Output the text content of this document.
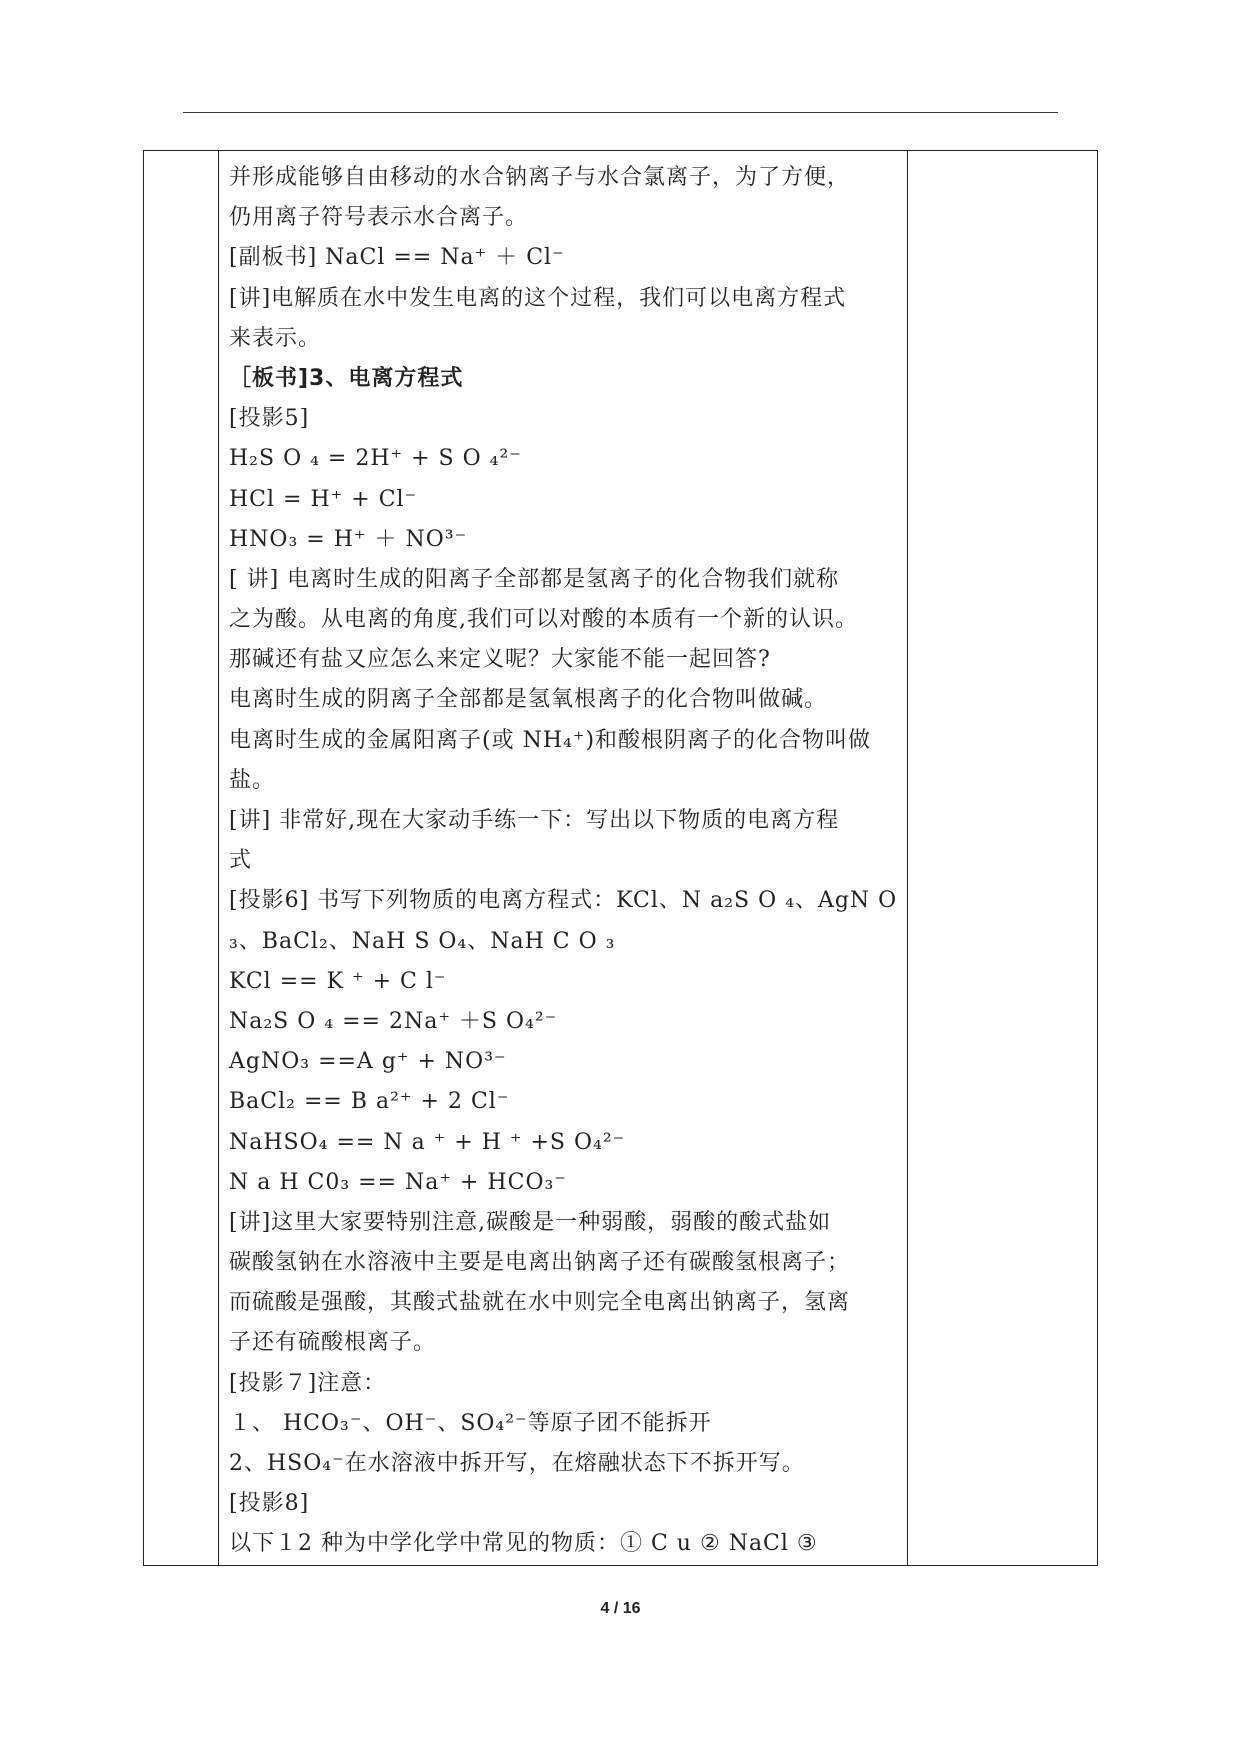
并形成能够自由移动的水合钠离子与水合氯离子，为了方便，
仍用离子符号表示水合离子。
[副板书] NaCl == Na⁺ ＋ Cl⁻
[讲]电解质在水中发生电离的这个过程，我们可以电离方程式
来表示。
［板书]3、电离方程式
[投影5]
H₂S O ₄ = 2H⁺ + S O ₄²⁻
HCl = H⁺ + Cl⁻
HNO₃ = H⁺ ＋ NO³⁻
[ 讲] 电离时生成的阳离子全部都是氢离子的化合物我们就称
之为酸。从电离的角度,我们可以对酸的本质有一个新的认识。
那碱还有盐又应怎么来定义呢？大家能不能一起回答?
电离时生成的阴离子全部都是氢氧根离子的化合物叫做碱。
电离时生成的金属阳离子(或 NH₄⁺)和酸根阴离子的化合物叫做
盐。
[讲] 非常好,现在大家动手练一下：写出以下物质的电离方程
式
[投影6] 书写下列物质的电离方程式：KCl、N a₂S O ₄、AgN O
₃、BaCl₂、NaH S O₄、NaH C O ₃
KCl == K ⁺ + C l⁻
Na₂S O ₄ == 2Na⁺ ＋S O₄²⁻
AgNO₃ ==A g⁺ + NO³⁻
BaCl₂ == B a²⁺ + 2 Cl⁻
NaHSO₄ == N a ⁺ + H ⁺ +S O₄²⁻
N a H C0₃ == Na⁺ + HCO₃⁻
[讲]这里大家要特别注意,碳酸是一种弱酸，弱酸的酸式盐如
碳酸氢钠在水溶液中主要是电离出钠离子还有碳酸氢根离子；
而硫酸是强酸，其酸式盐就在水中则完全电离出钠离子，氢离
子还有硫酸根离子。
[投影７]注意：
１、 HCO₃⁻、OH⁻、SO₄²⁻等原子团不能拆开
2、HSO₄⁻在水溶液中拆开写，在熔融状态下不拆开写。
[投影8]
以下１2 种为中学化学中常见的物质：① C u ② NaCl ③
4 / 16
